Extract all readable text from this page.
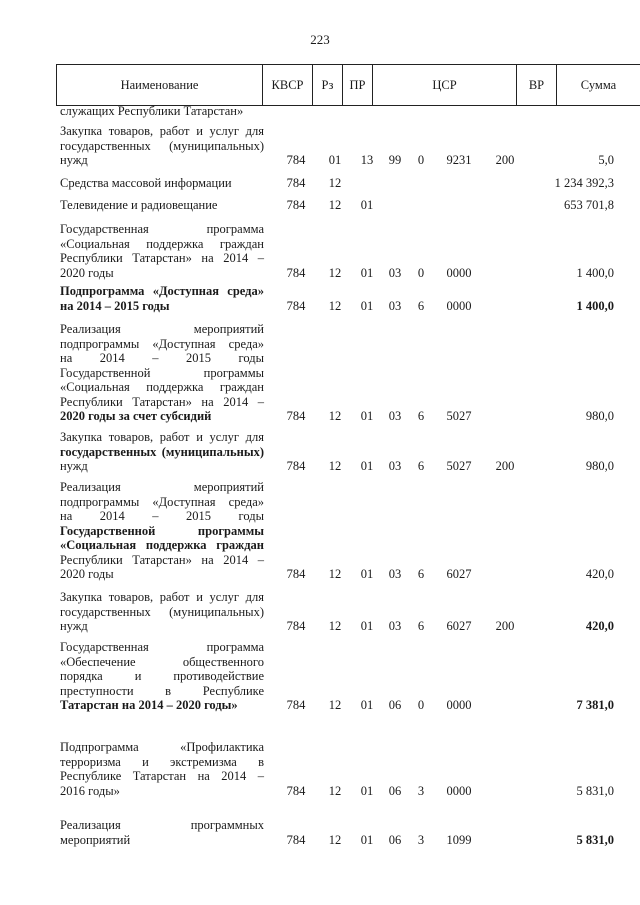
223
Наименование	КВСР	Рз	ПР	ЦСР	ВР	Сумма
служащих Республики Татарстан»
Закупка товаров, работ и услуг для
государственных (муниципальных)
нужд	784	01	13	99	0	9231	200	5,0
Средства массовой информации	784	12	1 234 392,3
Телевидение и радиовещание	784	12	01	653 701,8
Государственная программа
«Социальная поддержка граждан
Республики Татарстан» на 2014 –
2020 годы	784	12	01	03	0	0000	1 400,0
Подпрограмма «Доступная среда»
на 2014 – 2015 годы	784	12	01	03	6	0000	1 400,0
Реализация мероприятий
подпрограммы «Доступная среда»
на 2014 – 2015 годы
Государственной программы
«Социальная поддержка граждан
Республики Татарстан» на 2014 –
2020 годы за счет субсидий	784	12	01	03	6	5027	980,0
Закупка товаров, работ и услуг для
государственных (муниципальных)
нужд	784	12	01	03	6	5027	200	980,0
Реализация мероприятий
подпрограммы «Доступная среда»
на 2014 – 2015 годы
Государственной программы
«Социальная поддержка граждан
Республики Татарстан» на 2014 –
2020 годы	784	12	01	03	6	6027	420,0
Закупка товаров, работ и услуг для
государственных (муниципальных)
нужд	784	12	01	03	6	6027	200	420,0
Государственная программа
«Обеспечение общественного
порядка и противодействие
преступности в Республике
Татарстан на 2014 – 2020 годы»	784	12	01	06	0	0000	7 381,0
Подпрограмма «Профилактика
терроризма и экстремизма в
Республике Татарстан на 2014 –
2016 годы»	784	12	01	06	3	0000	5 831,0
Реализация программных
мероприятий	784	12	01	06	3	1099	5 831,0
